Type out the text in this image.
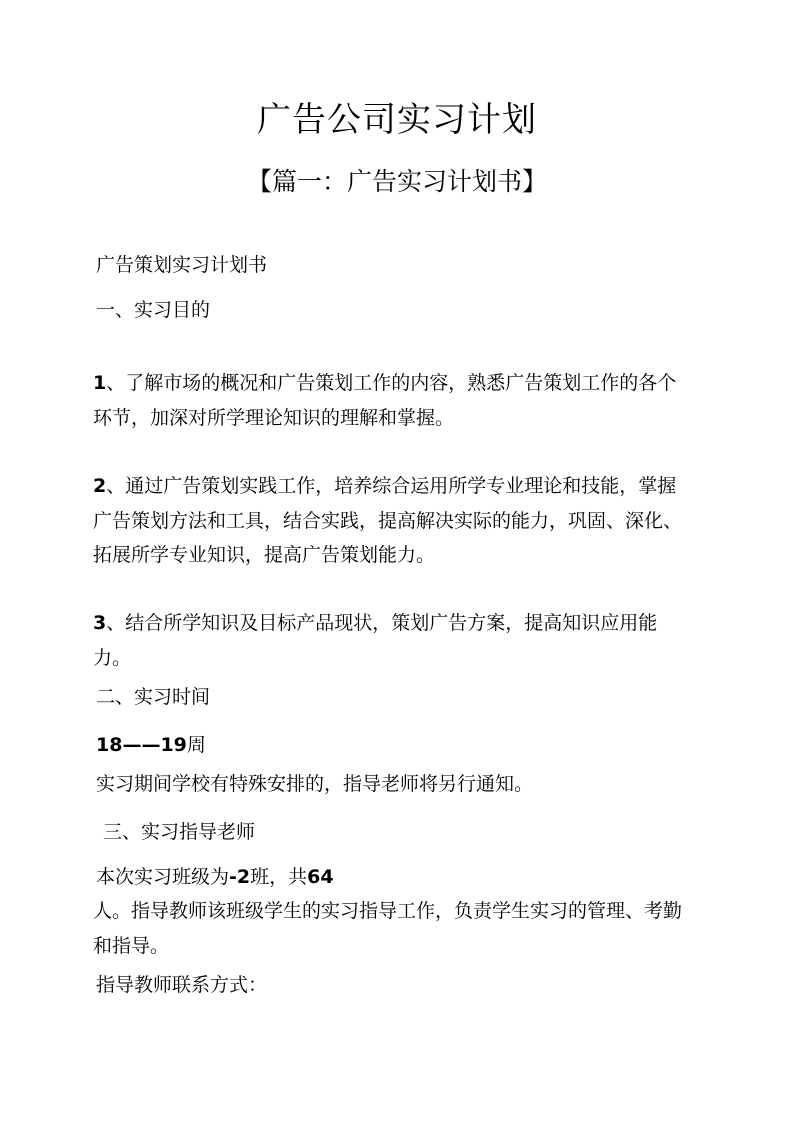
广告公司实习计划
【篇一：广告实习计划书】
广告策划实习计划书
一、实习目的
1、了解市场的概况和广告策划工作的内容，熟悉广告策划工作的各个环节，加深对所学理论知识的理解和掌握。
2、通过广告策划实践工作，培养综合运用所学专业理论和技能，掌握广告策划方法和工具，结合实践，提高解决实际的能力，巩固、深化、拓展所学专业知识，提高广告策划能力。
3、结合所学知识及目标产品现状，策划广告方案，提高知识应用能力。
二、实习时间
18——19周
实习期间学校有特殊安排的，指导老师将另行通知。
三、实习指导老师
本次实习班级为-2班，共64
人。指导教师该班级学生的实习指导工作，负责学生实习的管理、考勤和指导。
指导教师联系方式：
